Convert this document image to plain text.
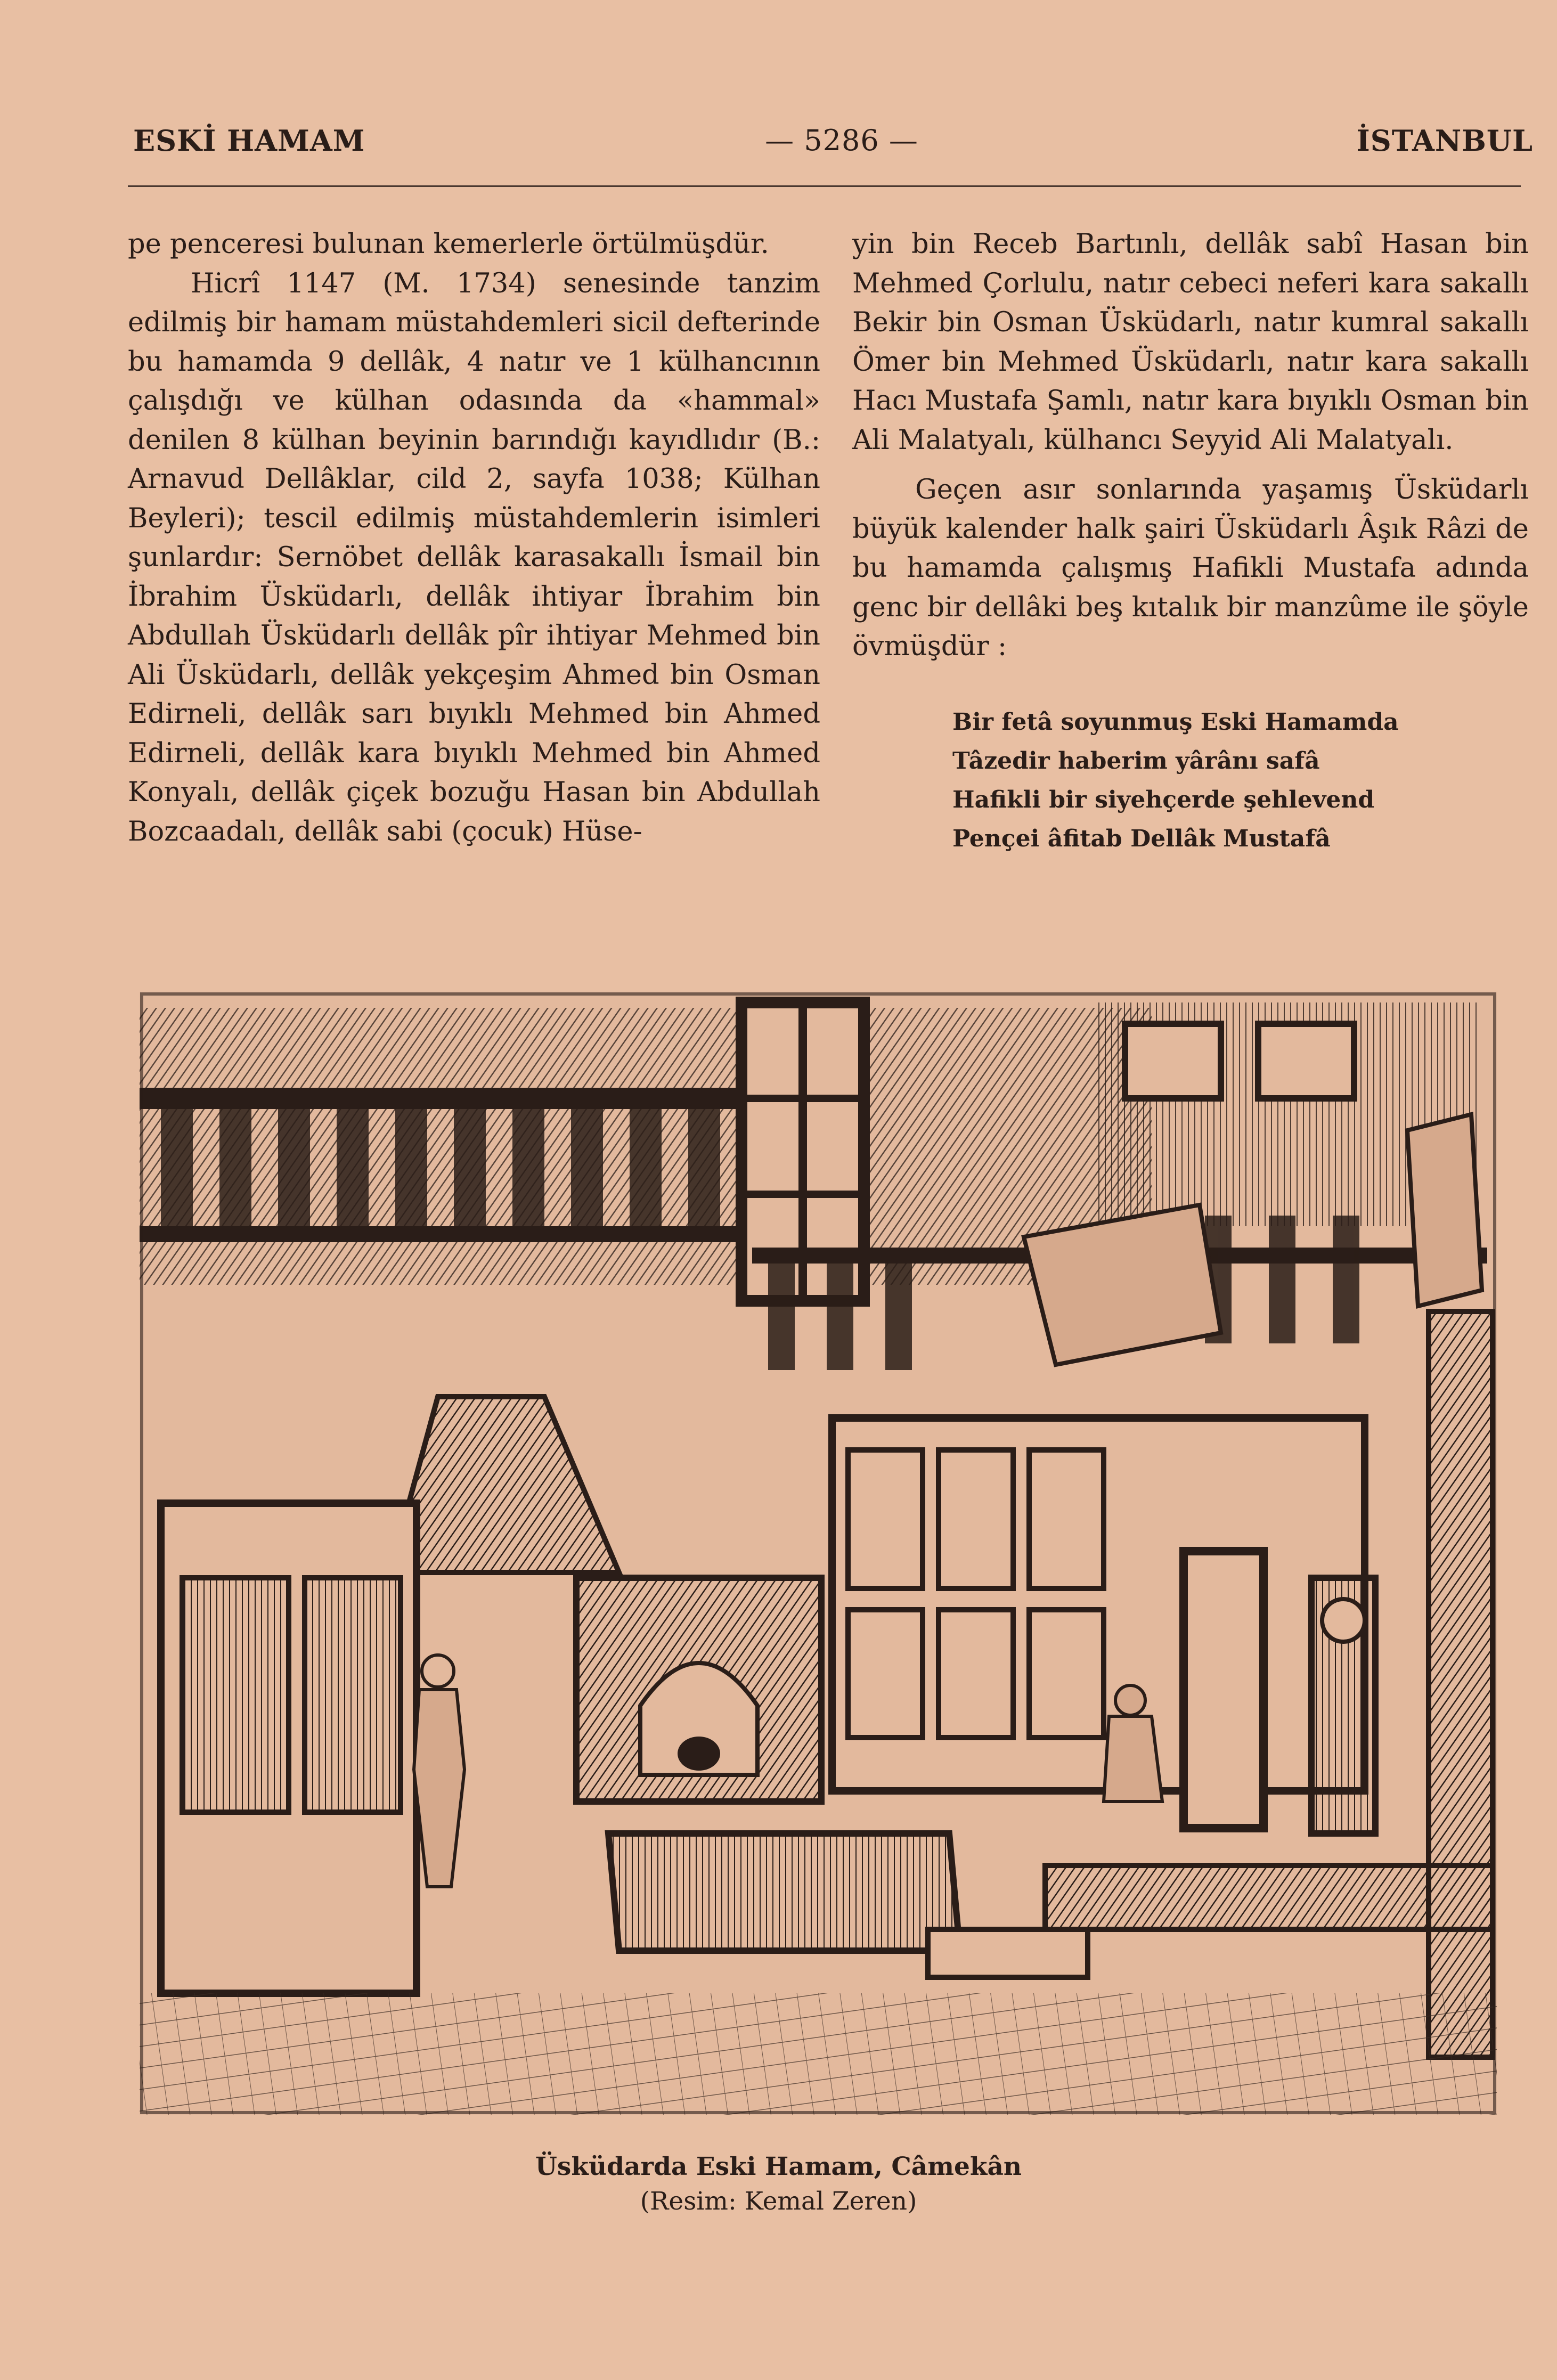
ESKİ HAMAM	— 5286 —	İSTANBUL

pe penceresi bulunan kemerlerle örtülmüşdür.

Hicrî 1147 (M. 1734) senesinde tanzim edilmiş bir hamam müstahdemleri sicil defterinde bu hamamda 9 dellâk, 4 natır ve 1 külhancının çalışdığı ve külhan odasında da «hammal» denilen 8 külhan beyinin barındığı kayıdlıdır (B.: Arnavud Dellâklar, cild 2, sayfa 1038; Külhan Beyleri); tescil edilmiş müstahdemlerin isimleri şunlardır: Sernöbet dellâk karasakallı İsmail bin İbrahim Üsküdarlı, dellâk ihtiyar İbrahim bin Abdullah Üsküdarlı dellâk pîr ihtiyar Mehmed bin Ali Üsküdarlı, dellâk yekçeşim Ahmed bin Osman Edirneli, dellâk sarı bıyıklı Mehmed bin Ahmed Edirneli, dellâk kara bıyıklı Mehmed bin Ahmed Konyalı, dellâk çiçek bozuğu Hasan bin Abdullah Bozcaadalı, dellâk sabi (çocuk) Hüse-

yin bin Receb Bartınlı, dellâk sabî Hasan bin Mehmed Çorlulu, natır cebeci neferi kara sakallı Bekir bin Osman Üsküdarlı, natır kumral sakallı Ömer bin Mehmed Üsküdarlı, natır kara sakallı Hacı Mustafa Şamlı, natır kara bıyıklı Osman bin Ali Malatyalı, külhancı Seyyid Ali Malatyalı.

Geçen asır sonlarında yaşamış Üsküdarlı büyük kalender halk şairi Üsküdarlı Âşık Râzi de bu hamamda çalışmış Hafikli Mustafa adında genc bir dellâki beş kıtalık bir manzûme ile şöyle övmüşdür :

Bir fetâ soyunmuş Eski Hamamda
Tâzedir haberim yârânı safâ
Hafikli bir siyehçerde şehlevend
Pençei âfitab Dellâk Mustafâ
Üsküdarda Eski Hamam, Câmekân
(Resim: Kemal Zeren)
